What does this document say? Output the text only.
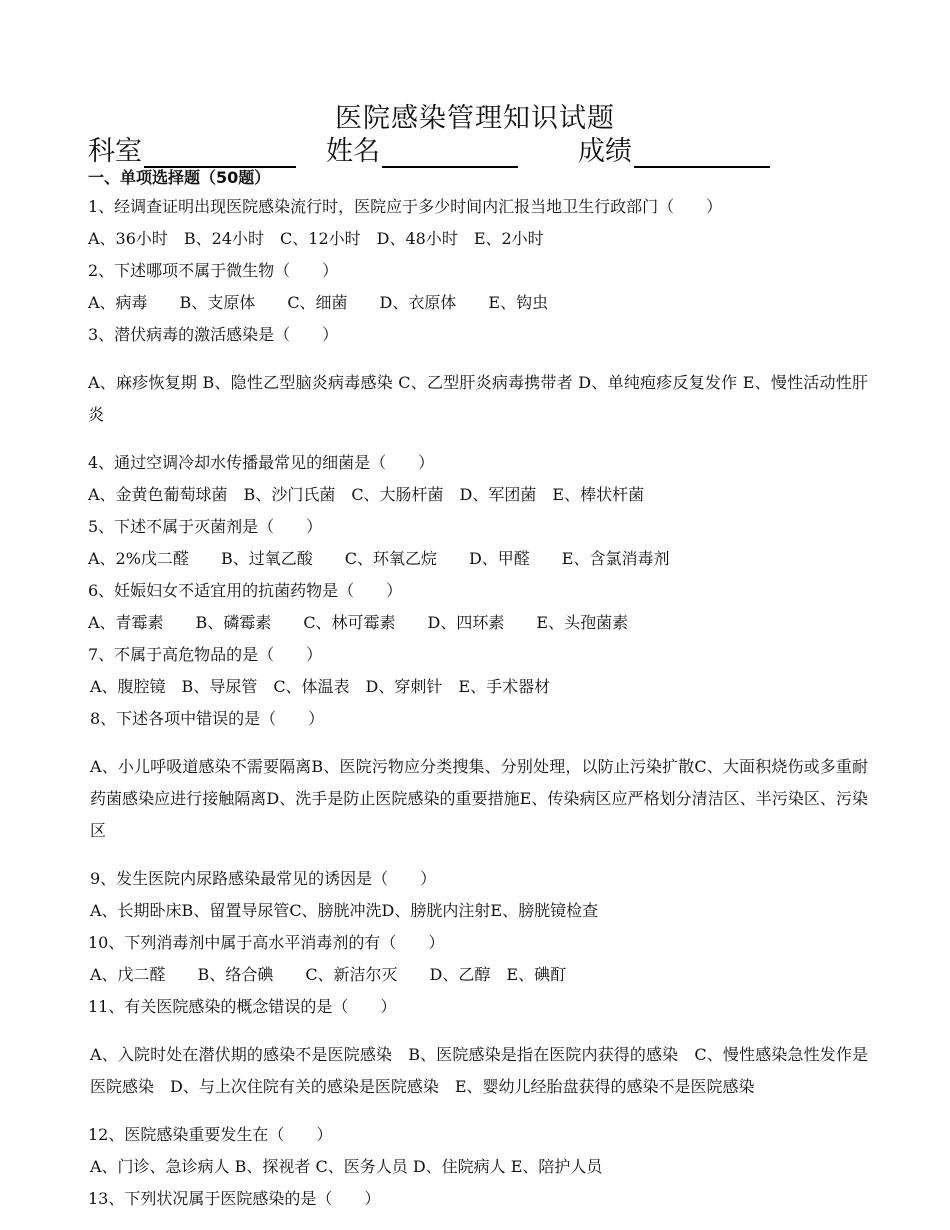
医院感染管理知识试题
科室	姓名	成绩
一、单项选择题（50题）

1、经调查证明出现医院感染流行时，医院应于多少时间内汇报当地卫生行政部门（　　）

A、36小时　B、24小时　C、12小时　D、48小时　E、2小时

2、下述哪项不属于微生物（　　）

A、病毒　　B、支原体　　C、细菌　　D、衣原体　　E、钩虫

3、潜伏病毒的激活感染是（　　）

A、麻疹恢复期 B、隐性乙型脑炎病毒感染 C、乙型肝炎病毒携带者 D、单纯疱疹反复发作 E、慢性活动性肝炎

4、通过空调冷却水传播最常见的细菌是（　　）

A、金黄色葡萄球菌　B、沙门氏菌　C、大肠杆菌　D、军团菌　E、棒状杆菌

5、下述不属于灭菌剂是（　　）

A、2%戊二醛　　B、过氧乙酸　　C、环氧乙烷　　D、甲醛　　E、含氯消毒剂

6、妊娠妇女不适宜用的抗菌药物是（　　）

A、青霉素　　B、磷霉素　　C、林可霉素　　D、四环素　　E、头孢菌素

7、不属于高危物品的是（　　）

A、腹腔镜　B、导尿管　C、体温表　D、穿刺针　E、手术器材

8、下述各项中错误的是（　　）

A、小儿呼吸道感染不需要隔离B、医院污物应分类搜集、分别处理，以防止污染扩散C、大面积烧伤或多重耐药菌感染应进行接触隔离D、洗手是防止医院感染的重要措施E、传染病区应严格划分清洁区、半污染区、污染区

9、发生医院内尿路感染最常见的诱因是（　　）

A、长期卧床B、留置导尿管C、膀胱冲洗D、膀胱内注射E、膀胱镜检查

10、下列消毒剂中属于高水平消毒剂的有（　　）

A、戊二醛　　B、络合碘　　C、新洁尔灭　　D、乙醇　E、碘酊

11、有关医院感染的概念错误的是（　　）

A、入院时处在潜伏期的感染不是医院感染　B、医院感染是指在医院内获得的感染　C、慢性感染急性发作是医院感染　D、与上次住院有关的感染是医院感染　E、婴幼儿经胎盘获得的感染不是医院感染

12、医院感染重要发生在（　　）

A、门诊、急诊病人 B、探视者 C、医务人员 D、住院病人 E、陪护人员

13、下列状况属于医院感染的是（　　）
